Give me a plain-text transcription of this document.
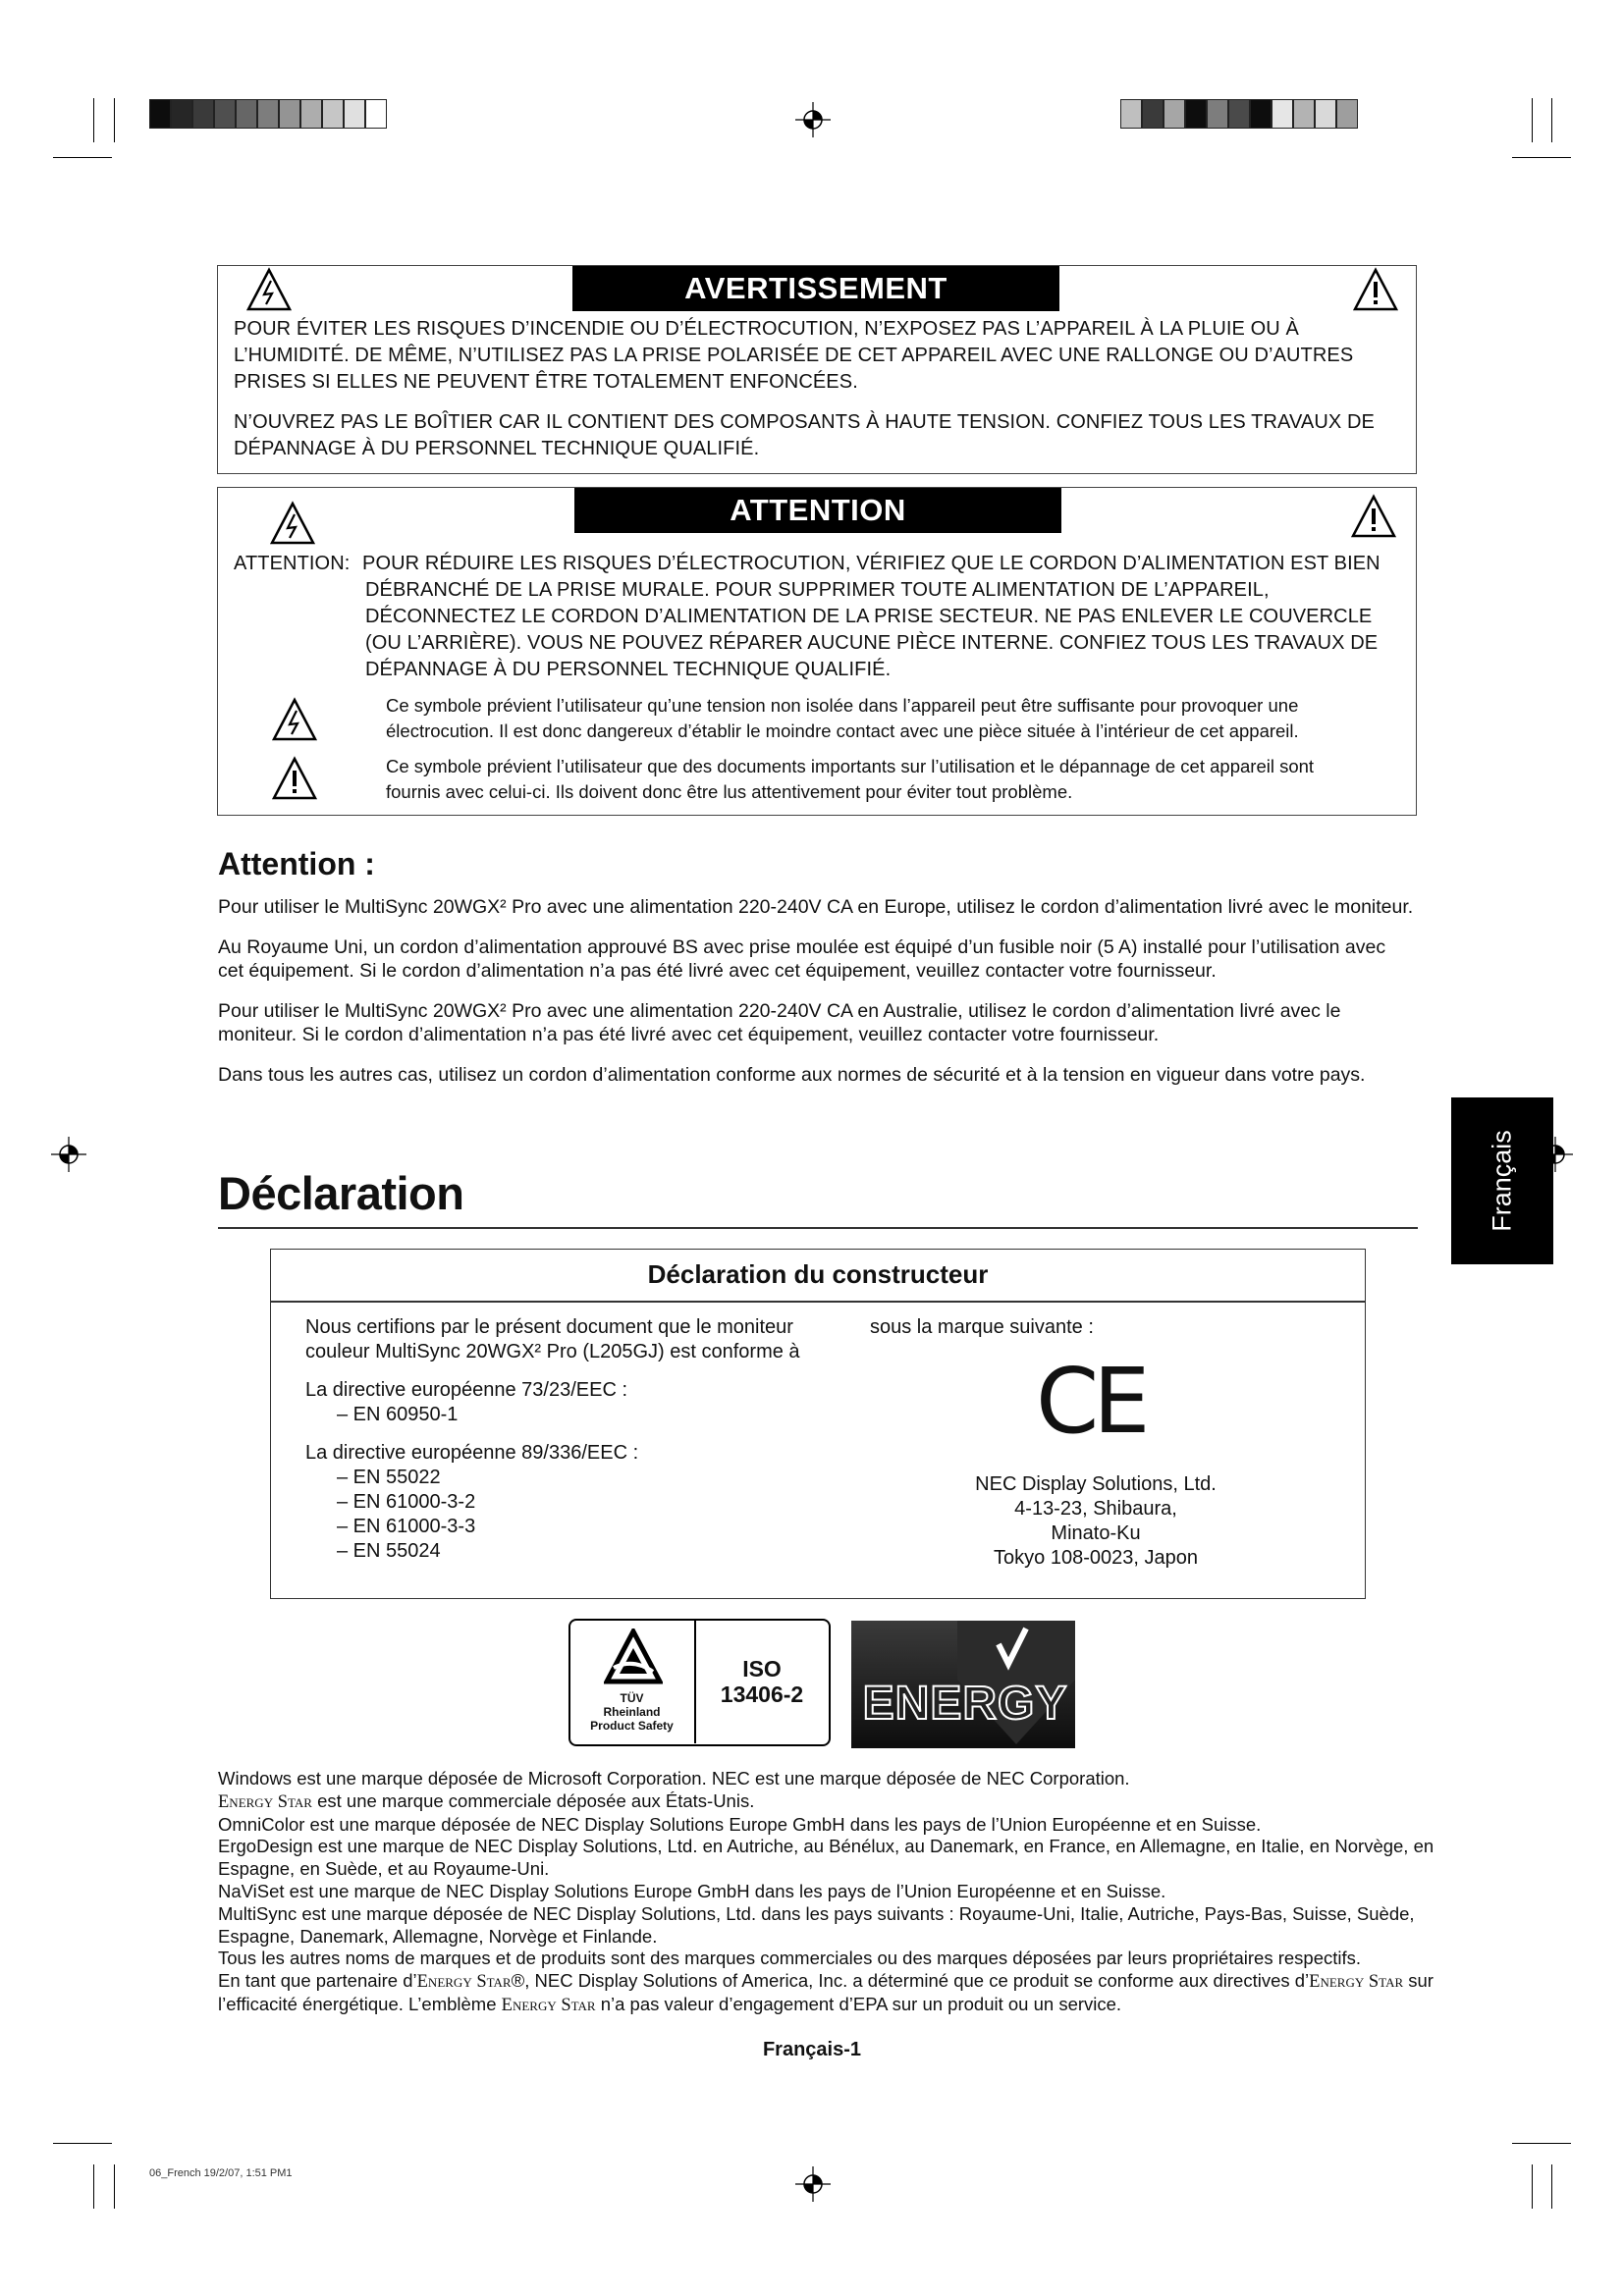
AVERTISSEMENT

POUR ÉVITER LES RISQUES D’INCENDIE OU D’ÉLECTROCUTION, N’EXPOSEZ PAS L’APPAREIL À LA PLUIE OU À L’HUMIDITÉ. DE MÊME, N’UTILISEZ PAS LA PRISE POLARISÉE DE CET APPAREIL AVEC UNE RALLONGE OU D’AUTRES PRISES SI ELLES NE PEUVENT ÊTRE TOTALEMENT ENFONCÉES.

N’OUVREZ PAS LE BOÎTIER CAR IL CONTIENT DES COMPOSANTS À HAUTE TENSION. CONFIEZ TOUS LES TRAVAUX DE DÉPANNAGE À DU PERSONNEL TECHNIQUE QUALIFIÉ.

ATTENTION
ATTENTION: POUR RÉDUIRE LES RISQUES D’ÉLECTROCUTION, VÉRIFIEZ QUE LE CORDON D’ALIMENTATION EST BIEN DÉBRANCHÉ DE LA PRISE MURALE. POUR SUPPRIMER TOUTE ALIMENTATION DE L’APPAREIL, DÉCONNECTEZ LE CORDON D’ALIMENTATION DE LA PRISE SECTEUR. NE PAS ENLEVER LE COUVERCLE (OU L’ARRIÈRE). VOUS NE POUVEZ RÉPARER AUCUNE PIÈCE INTERNE. CONFIEZ TOUS LES TRAVAUX DE DÉPANNAGE À DU PERSONNEL TECHNIQUE QUALIFIÉ.
Ce symbole prévient l’utilisateur qu’une tension non isolée dans l’appareil peut être suffisante pour provoquer une électrocution. Il est donc dangereux d’établir le moindre contact avec une pièce située à l’intérieur de cet appareil.
Ce symbole prévient l’utilisateur que des documents importants sur l’utilisation et le dépannage de cet appareil sont fournis avec celui-ci. Ils doivent donc être lus attentivement pour éviter tout problème.
Attention :

Pour utiliser le MultiSync 20WGX² Pro avec une alimentation 220-240V CA en Europe, utilisez le cordon d’alimentation livré avec le moniteur.

Au Royaume Uni, un cordon d’alimentation approuvé BS avec prise moulée est équipé d’un fusible noir (5 A) installé pour l’utilisation avec cet équipement. Si le cordon d’alimentation n’a pas été livré avec cet équipement, veuillez contacter votre fournisseur.

Pour utiliser le MultiSync 20WGX² Pro avec une alimentation 220-240V CA en Australie, utilisez le cordon d’alimentation livré avec le moniteur. Si le cordon d’alimentation n’a pas été livré avec cet équipement, veuillez contacter votre fournisseur.

Dans tous les autres cas, utilisez un cordon d’alimentation conforme aux normes de sécurité et à la tension en vigueur dans votre pays.

Français
Déclaration
Déclaration du constructeur

Nous certifions par le présent document que le moniteur couleur MultiSync 20WGX² Pro (L205GJ) est conforme à

La directive européenne 73/23/EEC :

– EN 60950-1

La directive européenne 89/336/EEC :

– EN 55022

– EN 61000-3-2

– EN 61000-3-3

– EN 55024

sous la marque suivante :

CE

NEC Display Solutions, Ltd.

4-13-23, Shibaura,

Minato-Ku

Tokyo 108-0023, Japon

TÜV
Rheinland
Product Safety
ISO
13406-2	ENERGY

Windows est une marque déposée de Microsoft Corporation. NEC est une marque déposée de NEC Corporation.

Energy Star est une marque commerciale déposée aux États-Unis.

OmniColor est une marque déposée de NEC Display Solutions Europe GmbH dans les pays de l’Union Européenne et en Suisse.

ErgoDesign est une marque de NEC Display Solutions, Ltd. en Autriche, au Bénélux, au Danemark, en France, en Allemagne, en Italie, en Norvège, en Espagne, en Suède, et au Royaume-Uni.

NaViSet est une marque de NEC Display Solutions Europe GmbH dans les pays de l’Union Européenne et en Suisse.

MultiSync est une marque déposée de NEC Display Solutions, Ltd. dans les pays suivants : Royaume-Uni, Italie, Autriche, Pays-Bas, Suisse, Suède, Espagne, Danemark, Allemagne, Norvège et Finlande.

Tous les autres noms de marques et de produits sont des marques commerciales ou des marques déposées par leurs propriétaires respectifs.

En tant que partenaire d’Energy Star®, NEC Display Solutions of America, Inc. a déterminé que ce produit se conforme aux directives d’Energy Star sur l’efficacité énergétique. L’emblème Energy Star n’a pas valeur d’engagement d’EPA sur un produit ou un service.

Français-1
06_French 19/2/07, 1:51 PM1
